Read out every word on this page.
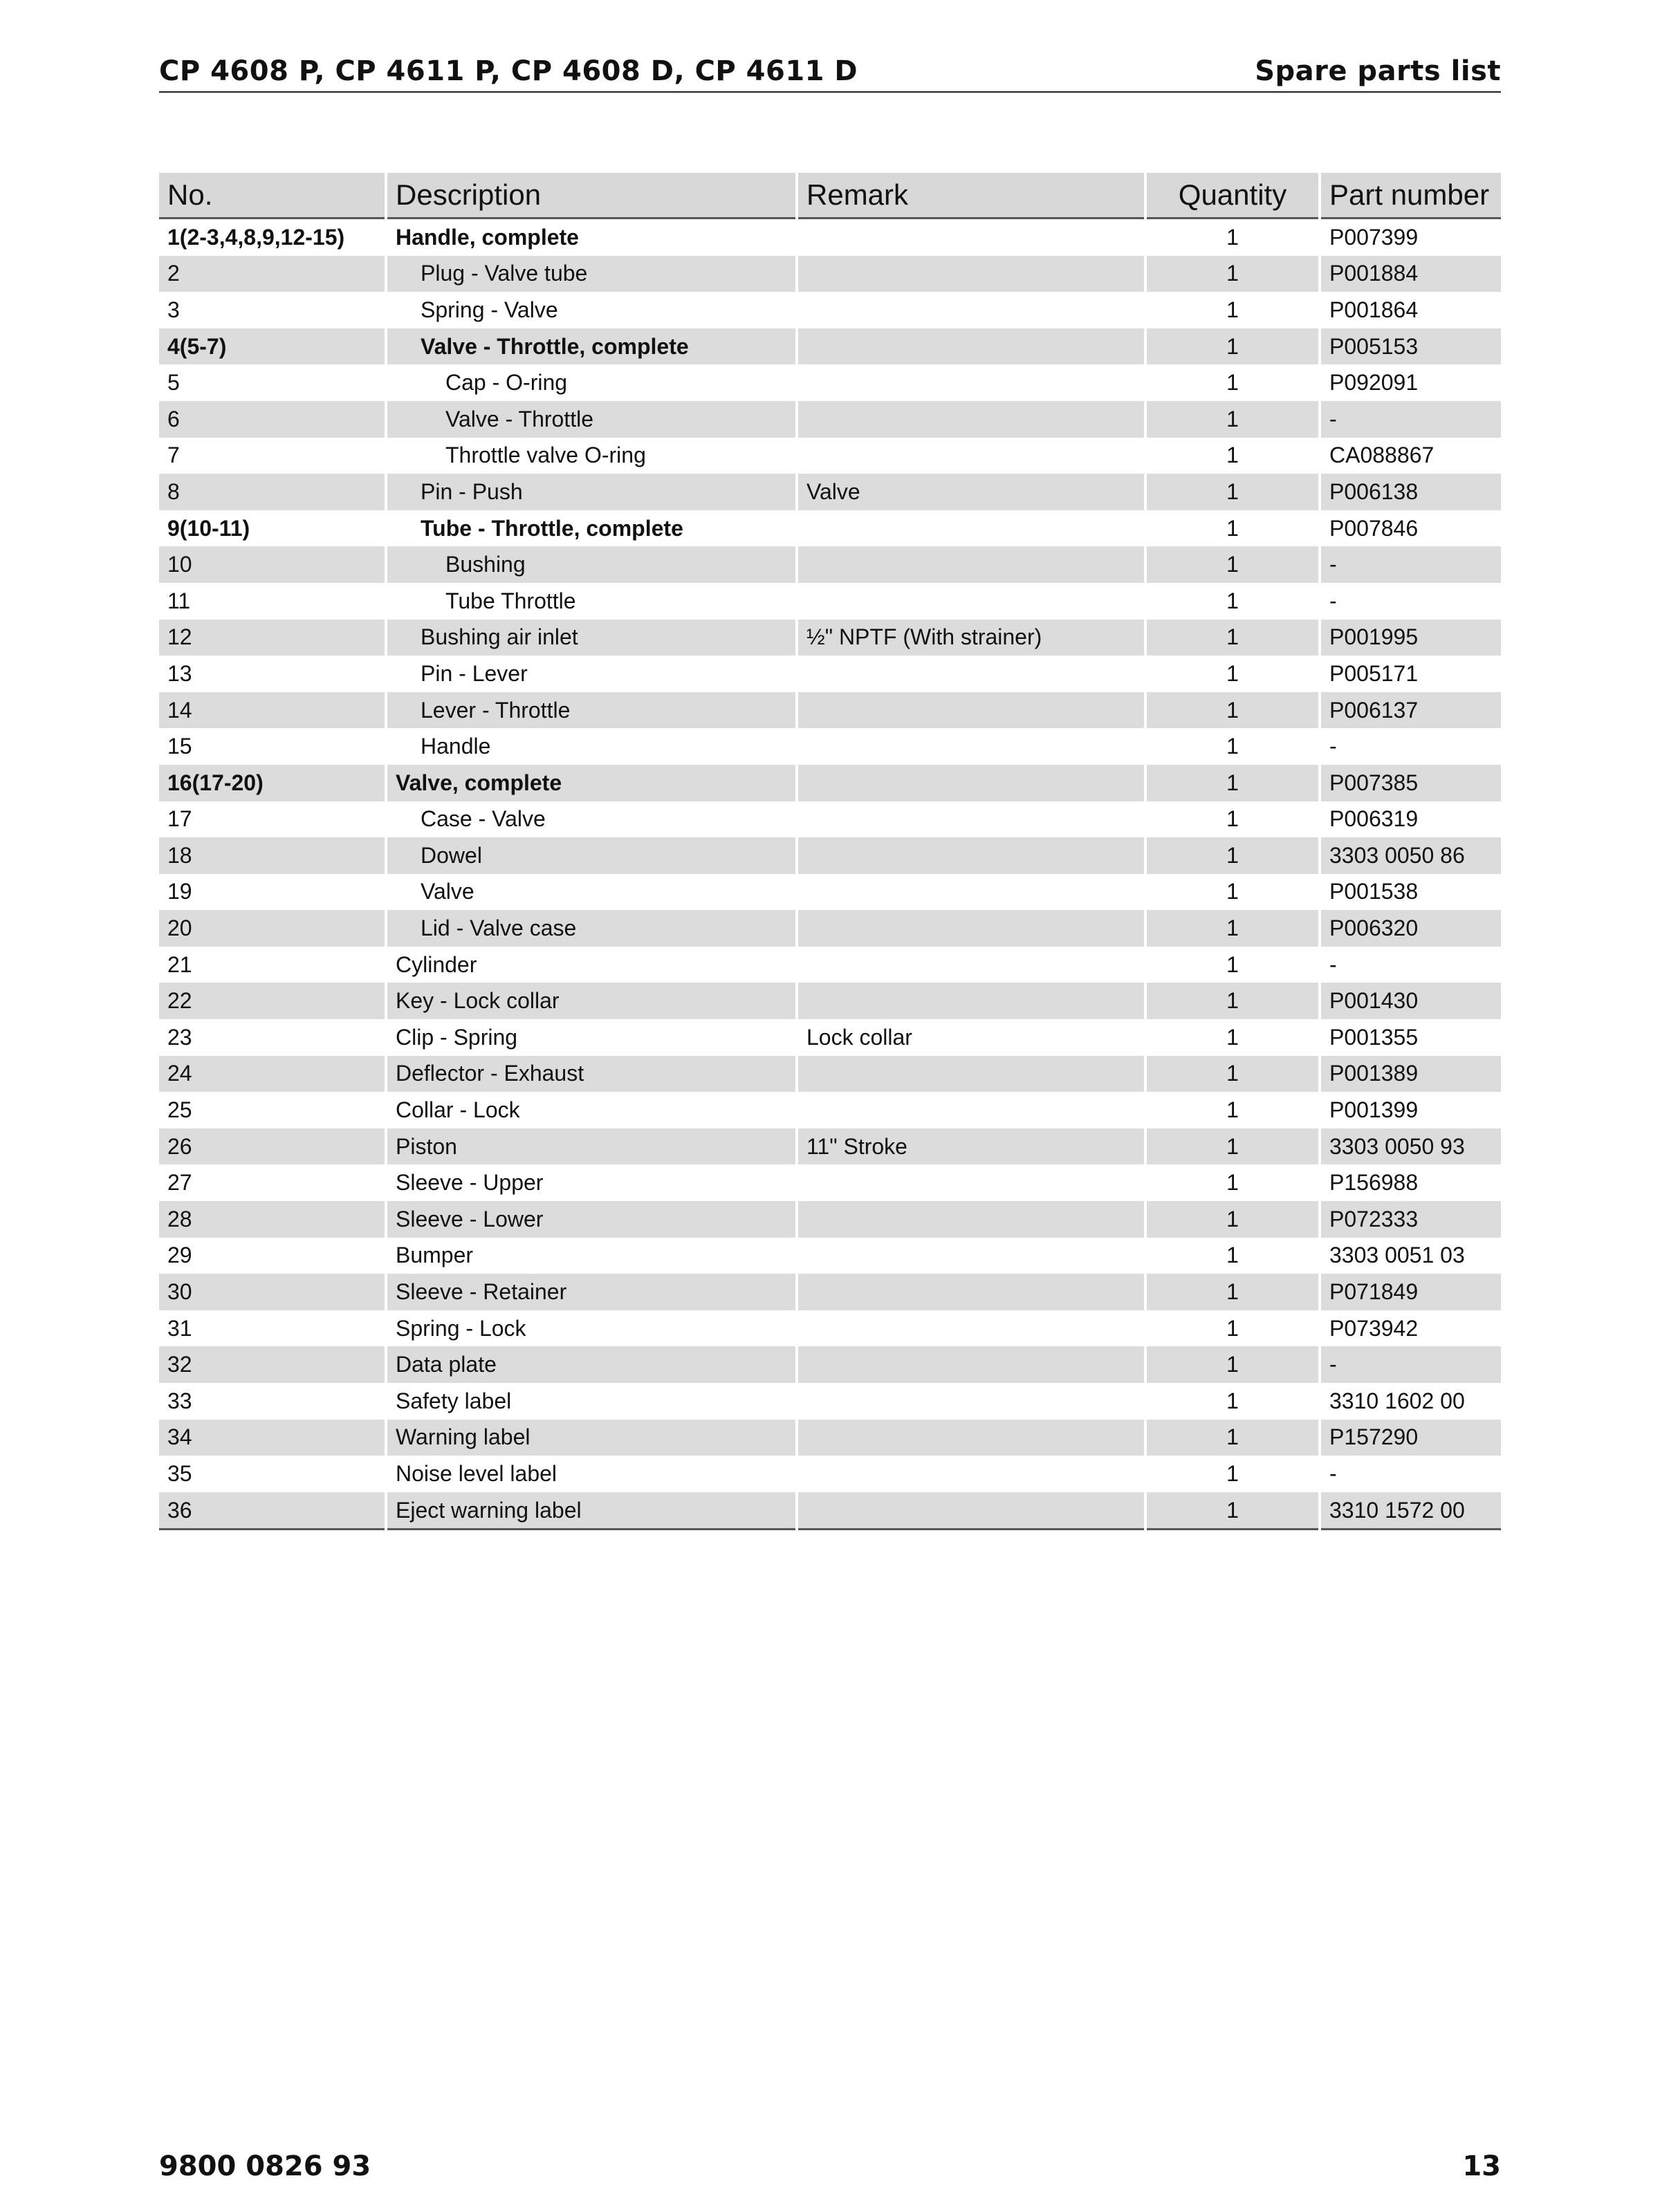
CP 4608 P, CP 4611 P, CP 4608 D, CP 4611 D	Spare parts list
No.	Description	Remark	Quantity	Part number
1(2-3,4,8,9,12-15)	Handle, complete		1	P007399
2	Plug - Valve tube		1	P001884
3	Spring - Valve		1	P001864
4(5-7)	Valve - Throttle, complete		1	P005153
5	Cap - O-ring		1	P092091
6	Valve - Throttle		1	-
7	Throttle valve O-ring		1	CA088867
8	Pin - Push	Valve	1	P006138
9(10-11)	Tube - Throttle, complete		1	P007846
10	Bushing		1	-
11	Tube Throttle		1	-
12	Bushing air inlet	½" NPTF (With strainer)	1	P001995
13	Pin - Lever		1	P005171
14	Lever - Throttle		1	P006137
15	Handle		1	-
16(17-20)	Valve, complete		1	P007385
17	Case - Valve		1	P006319
18	Dowel		1	3303 0050 86
19	Valve		1	P001538
20	Lid - Valve case		1	P006320
21	Cylinder		1	-
22	Key - Lock collar		1	P001430
23	Clip - Spring	Lock collar	1	P001355
24	Deflector - Exhaust		1	P001389
25	Collar - Lock		1	P001399
26	Piston	11" Stroke	1	3303 0050 93
27	Sleeve - Upper		1	P156988
28	Sleeve - Lower		1	P072333
29	Bumper		1	3303 0051 03
30	Sleeve - Retainer		1	P071849
31	Spring - Lock		1	P073942
32	Data plate		1	-
33	Safety label		1	3310 1602 00
34	Warning label		1	P157290
35	Noise level label		1	-
36	Eject warning label		1	3310 1572 00
9800 0826 93	13
